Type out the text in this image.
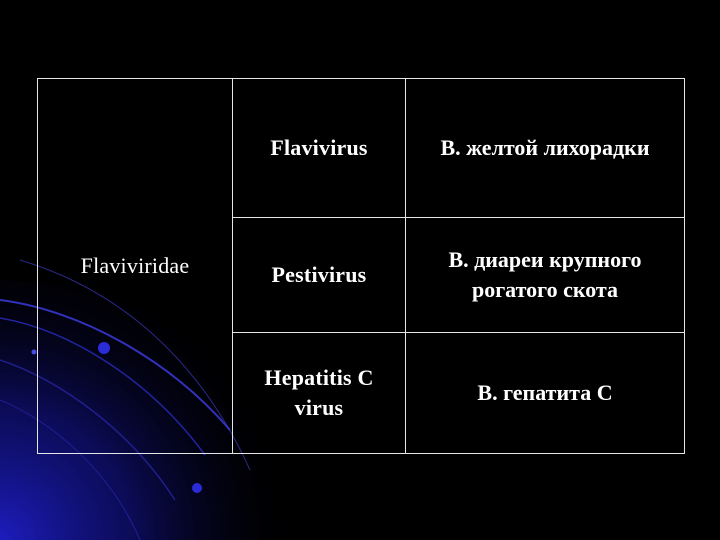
Flaviviridae
Flavivirus	В. желтой лихорадки
Pestivirus
В. диареи крупного
рогатого скота
Hepatitis C
virus
В. гепатита С
